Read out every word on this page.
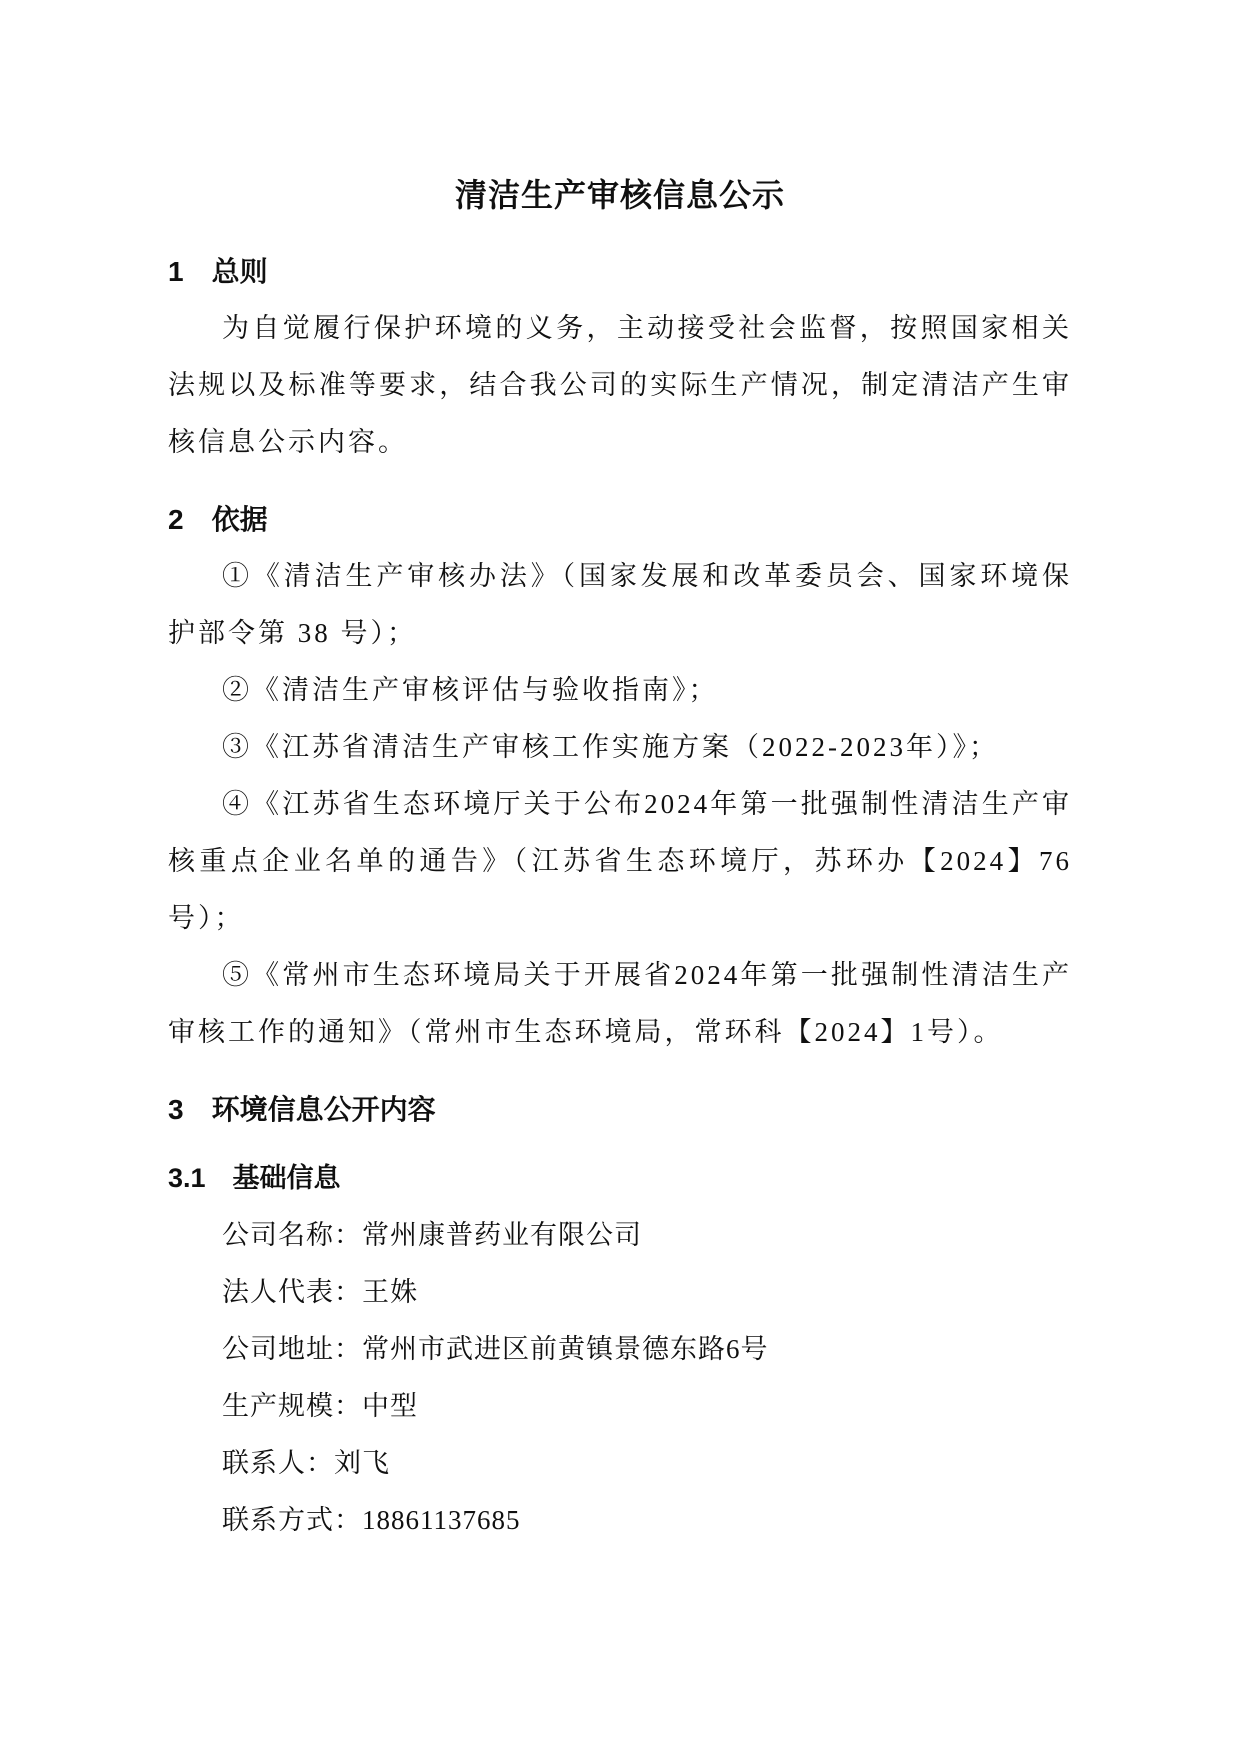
清洁生产审核信息公示
1　总则

为自觉履行保护环境的义务，主动接受社会监督，按照国家相关法规以及标准等要求，结合我公司的实际生产情况，制定清洁产生审核信息公示内容。

2　依据

①《清洁生产审核办法》（国家发展和改革委员会、国家环境保护部令第 38 号）；

②《清洁生产审核评估与验收指南》；

③《江苏省清洁生产审核工作实施方案（2022-2023年）》；

④《江苏省生态环境厅关于公布2024年第一批强制性清洁生产审核重点企业名单的通告》（江苏省生态环境厅，苏环办【2024】76 号）；

⑤《常州市生态环境局关于开展省2024年第一批强制性清洁生产审核工作的通知》（常州市生态环境局，常环科【2024】1号）。

3　环境信息公开内容
3.1　基础信息

公司名称：常州康普药业有限公司

法人代表：王姝

公司地址：常州市武进区前黄镇景德东路6号

生产规模：中型

联系人：刘飞

联系方式：18861137685
